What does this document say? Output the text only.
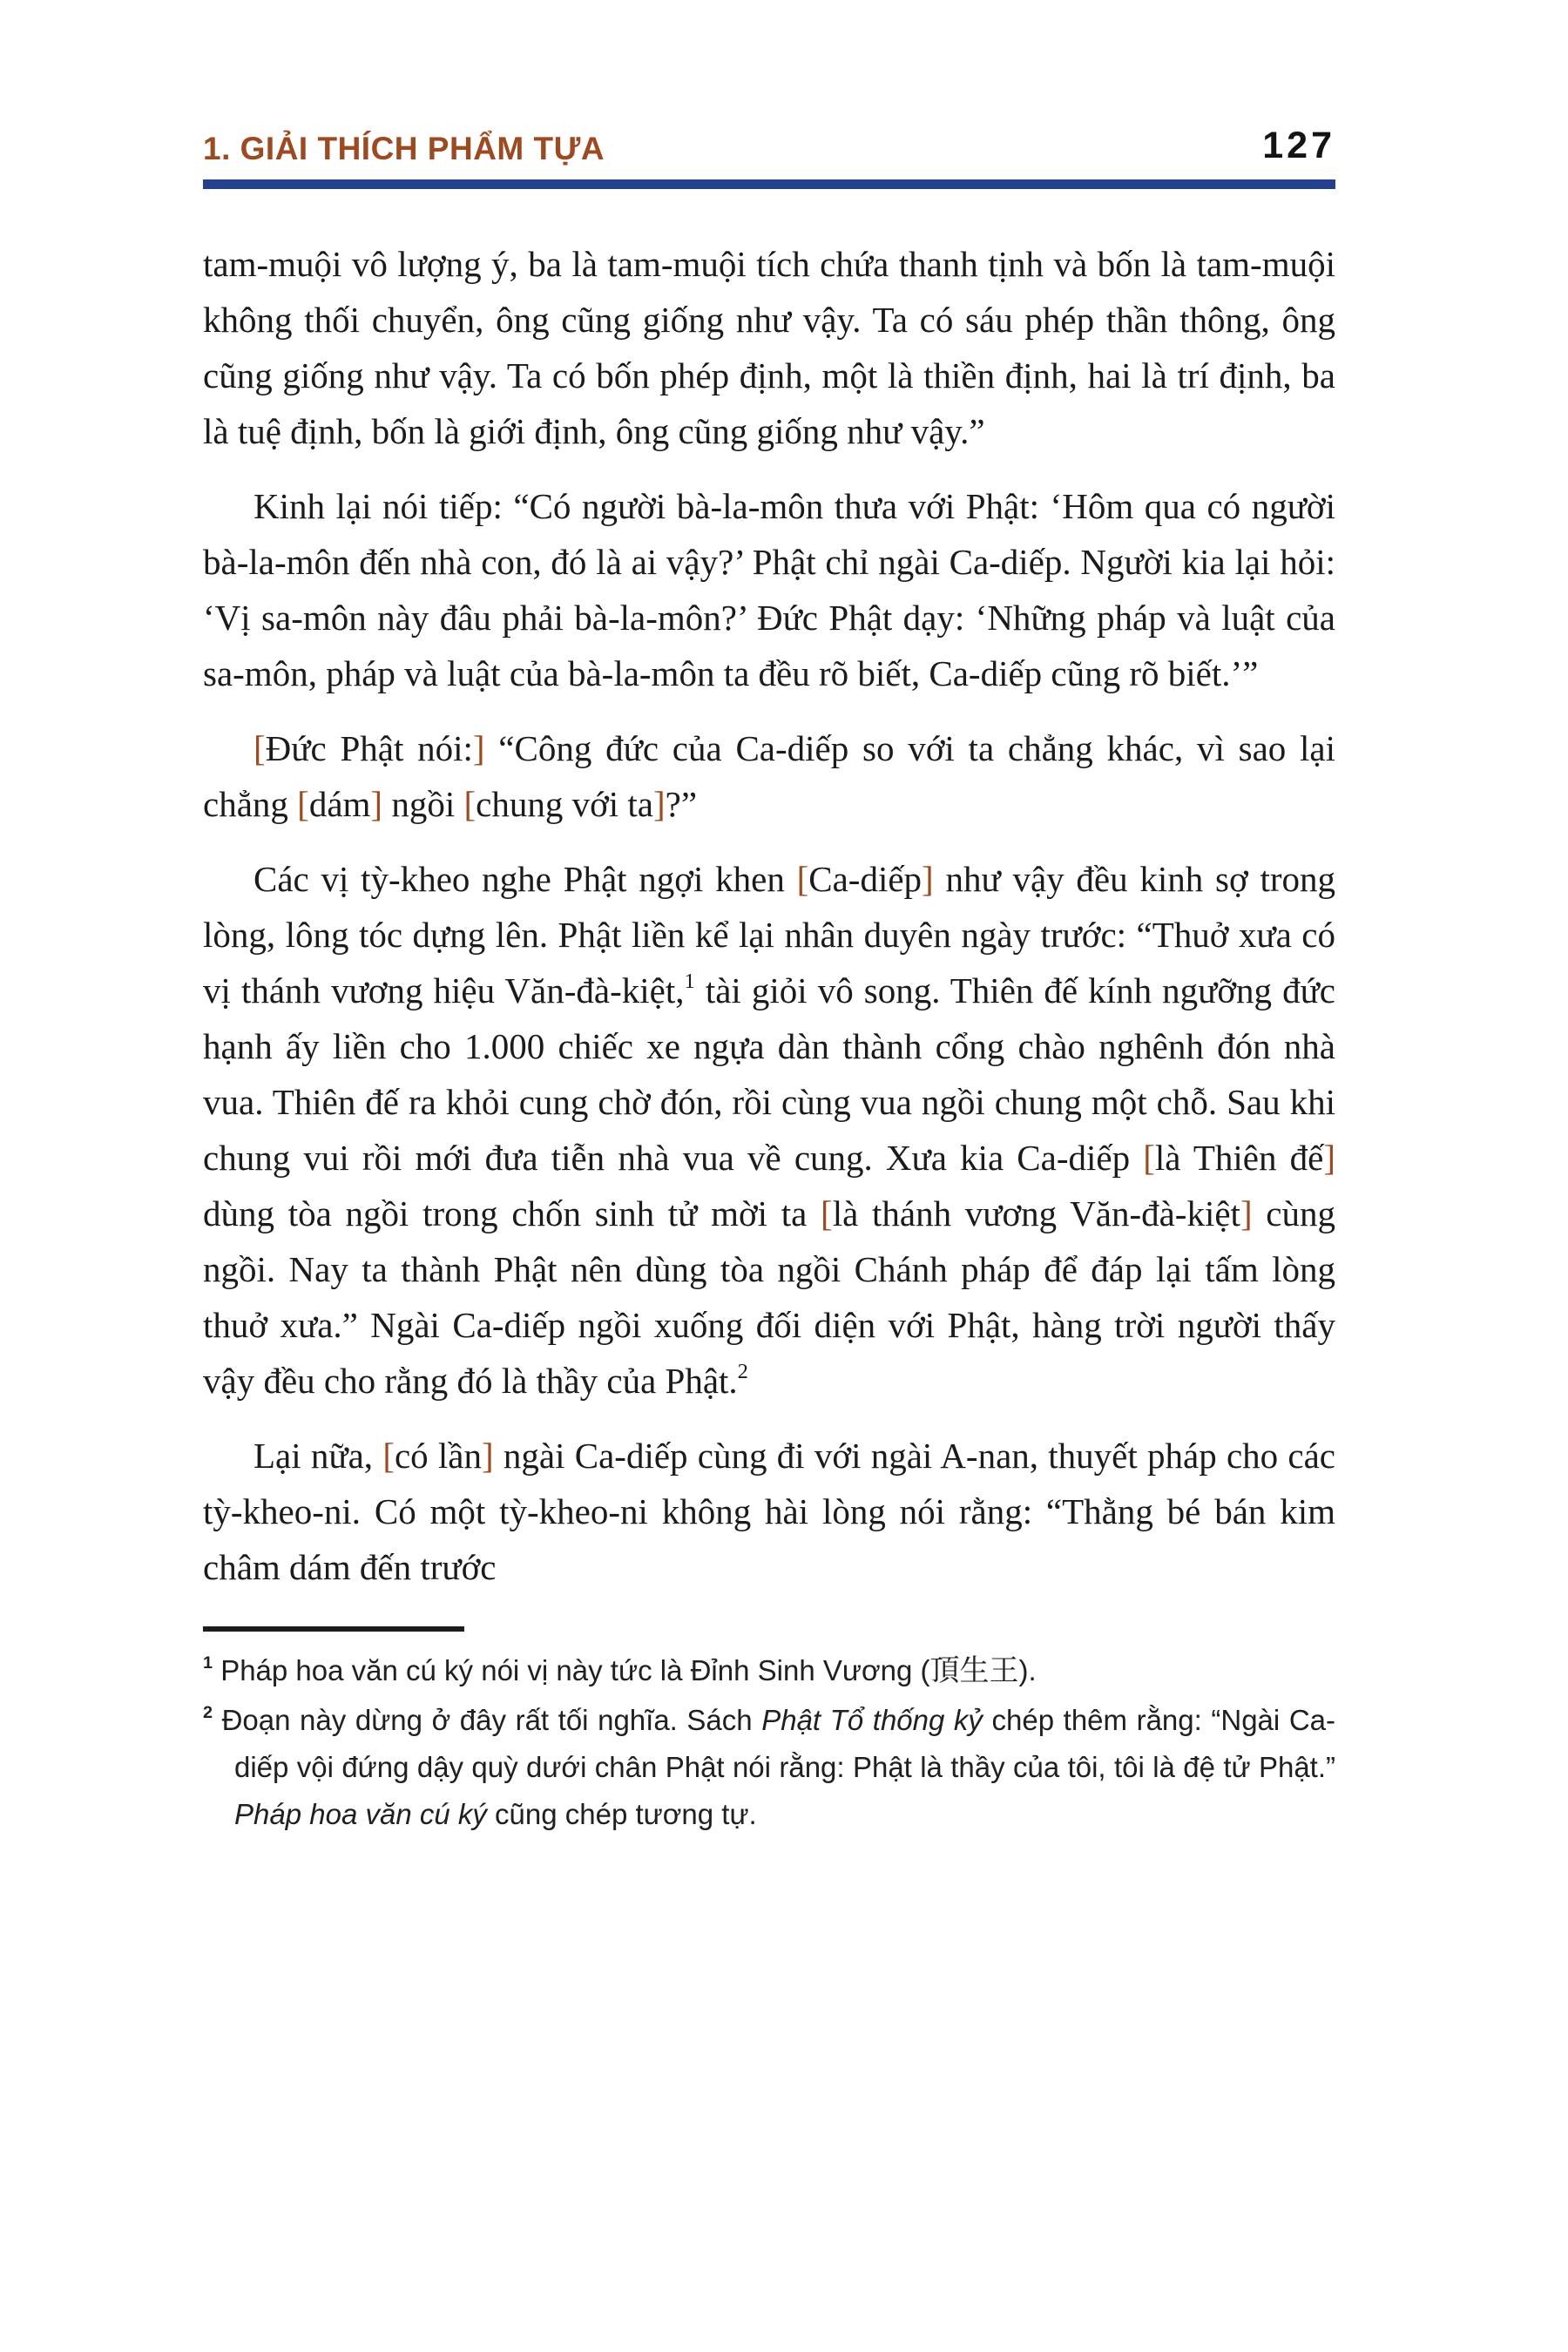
1. GIẢI THÍCH PHẨM TỰA	127

tam-muội vô lượng ý, ba là tam-muội tích chứa thanh tịnh và bốn là tam-muội không thối chuyển, ông cũng giống như vậy. Ta có sáu phép thần thông, ông cũng giống như vậy. Ta có bốn phép định, một là thiền định, hai là trí định, ba là tuệ định, bốn là giới định, ông cũng giống như vậy.”

Kinh lại nói tiếp: “Có người bà-la-môn thưa với Phật: ‘Hôm qua có người bà-la-môn đến nhà con, đó là ai vậy?’ Phật chỉ ngài Ca-diếp. Người kia lại hỏi: ‘Vị sa-môn này đâu phải bà-la-môn?’ Đức Phật dạy: ‘Những pháp và luật của sa-môn, pháp và luật của bà-la-môn ta đều rõ biết, Ca-diếp cũng rõ biết.’”

[Đức Phật nói:] “Công đức của Ca-diếp so với ta chẳng khác, vì sao lại chẳng [dám] ngồi [chung với ta]?”

Các vị tỳ-kheo nghe Phật ngợi khen [Ca-diếp] như vậy đều kinh sợ trong lòng, lông tóc dựng lên. Phật liền kể lại nhân duyên ngày trước: “Thuở xưa có vị thánh vương hiệu Văn-đà-kiệt,$^1$ tài giỏi vô song. Thiên đế kính ngưỡng đức hạnh ấy liền cho 1.000 chiếc xe ngựa dàn thành cổng chào nghênh đón nhà vua. Thiên đế ra khỏi cung chờ đón, rồi cùng vua ngồi chung một chỗ. Sau khi chung vui rồi mới đưa tiễn nhà vua về cung. Xưa kia Ca-diếp [là Thiên đế] dùng tòa ngồi trong chốn sinh tử mời ta [là thánh vương Văn-đà-kiệt] cùng ngồi. Nay ta thành Phật nên dùng tòa ngồi Chánh pháp để đáp lại tấm lòng thuở xưa.” Ngài Ca-diếp ngồi xuống đối diện với Phật, hàng trời người thấy vậy đều cho rằng đó là thầy của Phật.$^2$

Lại nữa, [có lần] ngài Ca-diếp cùng đi với ngài A-nan, thuyết pháp cho các tỳ-kheo-ni. Có một tỳ-kheo-ni không hài lòng nói rằng: “Thằng bé bán kim châm dám đến trước

$^1$ Pháp hoa văn cú ký nói vị này tức là Đỉnh Sinh Vương (頂生王).

$^2$ Đoạn này dừng ở đây rất tối nghĩa. Sách Phật Tổ thống kỷ chép thêm rằng: “Ngài Ca-diếp vội đứng dậy quỳ dưới chân Phật nói rằng: Phật là thầy của tôi, tôi là đệ tử Phật.” Pháp hoa văn cú ký cũng chép tương tự.
